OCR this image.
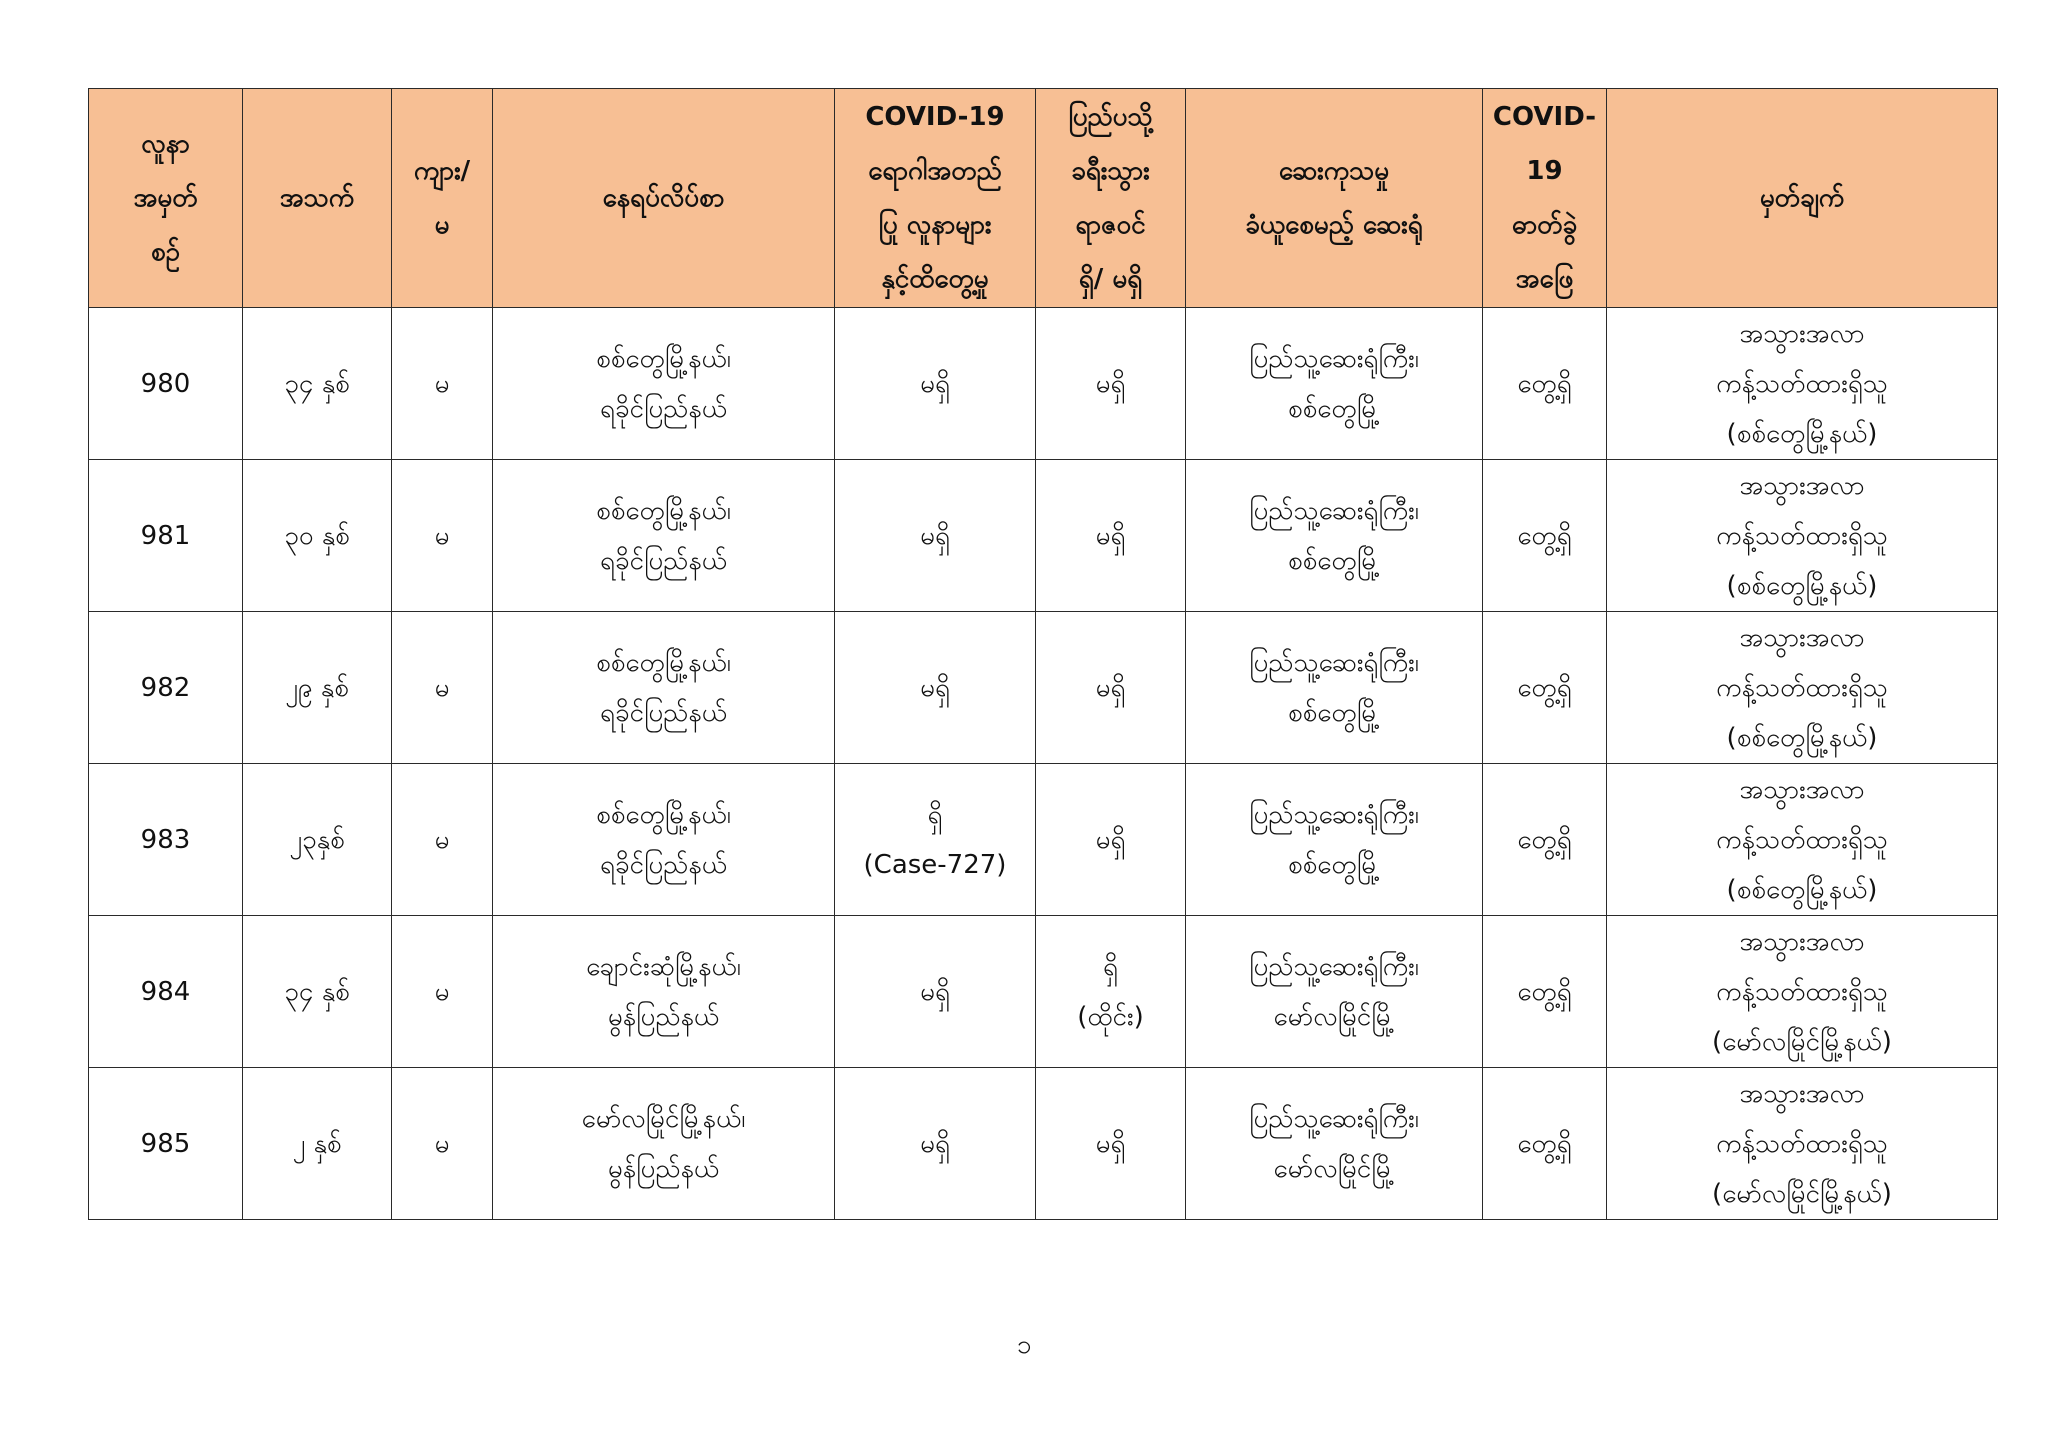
လူနာ
အမှတ်
စဉ်	အသက်	ကျား/
မ	နေရပ်လိပ်စာ	COVID-19
ရောဂါအတည်
ပြု လူနာများ
နှင့်ထိတွေ့မှု	ပြည်ပသို့
ခရီးသွား
ရာဇဝင်
ရှိ/ မရှိ	ဆေးကုသမှု
ခံယူစေမည့် ဆေးရုံ	COVID-
19
ဓာတ်ခွဲ
အဖြေ	မှတ်ချက်
980	၃၄ နှစ်	မ	စစ်တွေမြို့နယ်၊
ရခိုင်ပြည်နယ်	မရှိ	မရှိ	ပြည်သူ့ဆေးရုံကြီး၊
စစ်တွေမြို့	တွေ့ရှိ	အသွားအလာ
ကန့်သတ်ထားရှိသူ
(စစ်တွေမြို့နယ်)
981	၃၀ နှစ်	မ	စစ်တွေမြို့နယ်၊
ရခိုင်ပြည်နယ်	မရှိ	မရှိ	ပြည်သူ့ဆေးရုံကြီး၊
စစ်တွေမြို့	တွေ့ရှိ	အသွားအလာ
ကန့်သတ်ထားရှိသူ
(စစ်တွေမြို့နယ်)
982	၂၉ နှစ်	မ	စစ်တွေမြို့နယ်၊
ရခိုင်ပြည်နယ်	မရှိ	မရှိ	ပြည်သူ့ဆေးရုံကြီး၊
စစ်တွေမြို့	တွေ့ရှိ	အသွားအလာ
ကန့်သတ်ထားရှိသူ
(စစ်တွေမြို့နယ်)
983	၂၃နှစ်	မ	စစ်တွေမြို့နယ်၊
ရခိုင်ပြည်နယ်	ရှိ
(Case-727)	မရှိ	ပြည်သူ့ဆေးရုံကြီး၊
စစ်တွေမြို့	တွေ့ရှိ	အသွားအလာ
ကန့်သတ်ထားရှိသူ
(စစ်တွေမြို့နယ်)
984	၃၄ နှစ်	မ	ချောင်းဆုံမြို့နယ်၊
မွန်ပြည်နယ်	မရှိ	ရှိ
(ထိုင်း)	ပြည်သူ့ဆေးရုံကြီး၊
မော်လမြိုင်မြို့	တွေ့ရှိ	အသွားအလာ
ကန့်သတ်ထားရှိသူ
(မော်လမြိုင်မြို့နယ်)
985	၂ နှစ်	မ	မော်လမြိုင်မြို့နယ်၊
မွန်ပြည်နယ်	မရှိ	မရှိ	ပြည်သူ့ဆေးရုံကြီး၊
မော်လမြိုင်မြို့	တွေ့ရှိ	အသွားအလာ
ကန့်သတ်ထားရှိသူ
(မော်လမြိုင်မြို့နယ်)
၁
